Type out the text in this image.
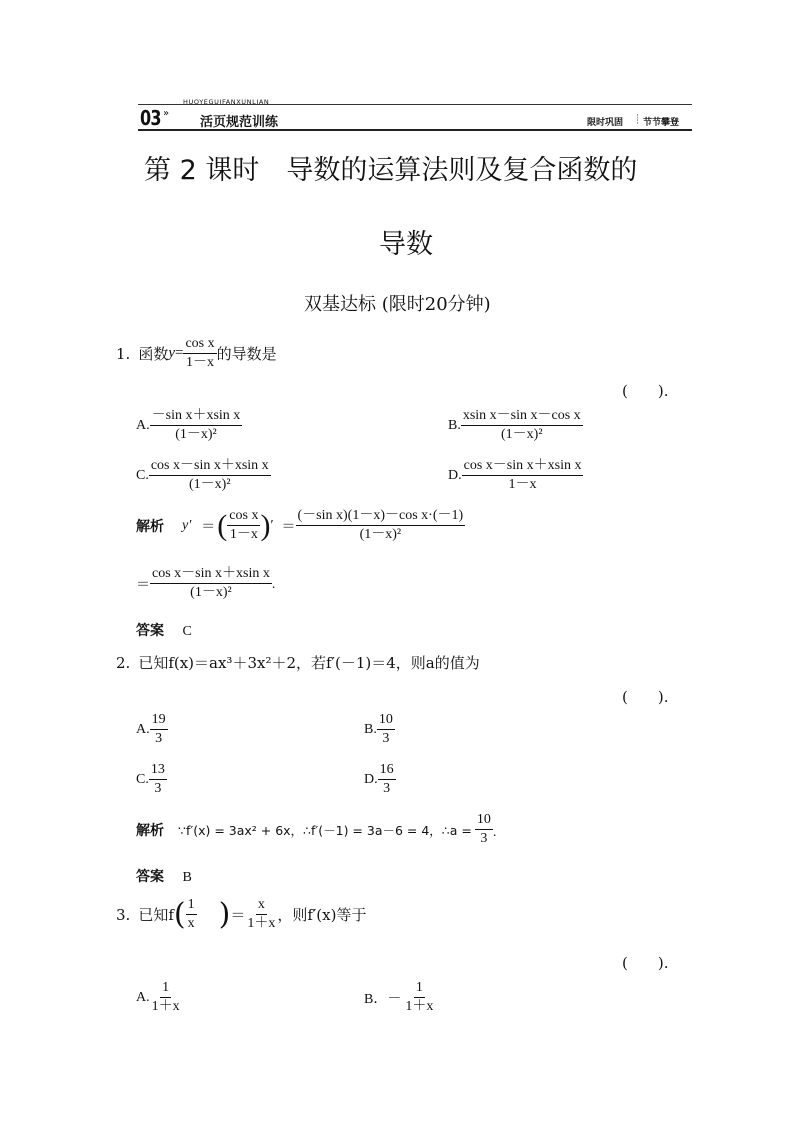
03 »
HUOYEGUIFANXUNLIAN
活页规范训练	限时巩固 ┊ 节节攀登
第 2 课时　导数的运算法则及复合函数的
导数
双基达标 (限时20分钟)
1. 函数 $y = \frac{\text{cos x}}{1-x}$ 的导数是
(　　).
A. $\frac{\text{－sin x＋xsin x}}{\text{(1－x)²}}$	B. $\frac{\text{xsin x－sin x－cos x}}{\text{(1－x)²}}$
C. $\frac{\text{cos x－sin x＋xsin x}}{\text{(1－x)²}}$	D. $\frac{\text{cos x－sin x＋xsin x}}{1-x}$
解析 y′ ＝ ( $\frac{\text{cos x}}{1-x}$ ) ′ ＝ $\frac{\text{(－sin x)(1－x)－cos x·(－1)}}{\text{(1－x)²}}$
＝ $\frac{\text{cos x－sin x＋xsin x}}{\text{(1－x)²}}$ .
答案 C
2. 已知f(x)＝ax³＋3x²＋2，若f′(－1)＝4，则a的值为
(　　).
A. $\frac{19}{3}$	B. $\frac{10}{3}$
C. $\frac{13}{3}$	D. $\frac{16}{3}$
解析 ∵f′(x) = 3ax² + 6x，∴f′(－1) = 3a－6 = 4，∴a = $\frac{10}{3}$ .
答案 B
3. 已知f ( $\frac{1}{x}$ ) ＝ $\frac{x}{1+x}$ ，则f′(x)等于
(　　).
A. $\frac{1}{1+x}$	B．－ $\frac{1}{1+x}$
